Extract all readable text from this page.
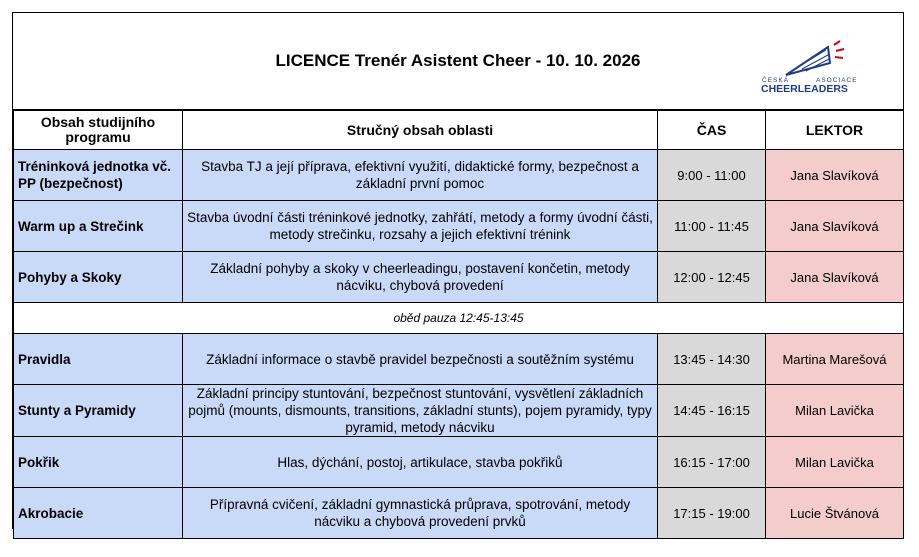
LICENCE Trenér Asistent Cheer - 10. 10. 2026
ČESKÁ	ASOCIACE
CHEERLEADERS
Obsah studijního programu	Stručný obsah oblasti	ČAS	LEKTOR
Tréninková jednotka vč. PP (bezpečnost)	Stavba TJ a její příprava, efektivní využití, didaktické formy, bezpečnost a základní první pomoc	9:00 - 11:00	Jana Slavíková
Warm up a Strečink	Stavba úvodní části tréninkové jednotky, zahřátí, metody a formy úvodní části, metody strečinku, rozsahy a jejich efektivní trénink	11:00 - 11:45	Jana Slavíková
Pohyby a Skoky	Základní pohyby a skoky v cheerleadingu, postavení končetin, metody nácviku, chybová provedení	12:00 - 12:45	Jana Slavíková
oběd pauza 12:45-13:45			
Pravidla	Základní informace o stavbě pravidel bezpečnosti a soutěžním systému	13:45 - 14:30	Martina Marešová
Stunty a Pyramidy	Základní principy stuntování, bezpečnost stuntování, vysvětlení základních pojmů (mounts, dismounts, transitions, základní stunts), pojem pyramidy, typy pyramid, metody nácviku	14:45 - 16:15	Milan Lavička
Pokřik	Hlas, dýchání, postoj, artikulace, stavba pokřiků	16:15 - 17:00	Milan Lavička
Akrobacie	Přípravná cvičení, základní gymnastická průprava, spotrování, metody nácviku a chybová provedení prvků	17:15 - 19:00	Lucie Štvánová
